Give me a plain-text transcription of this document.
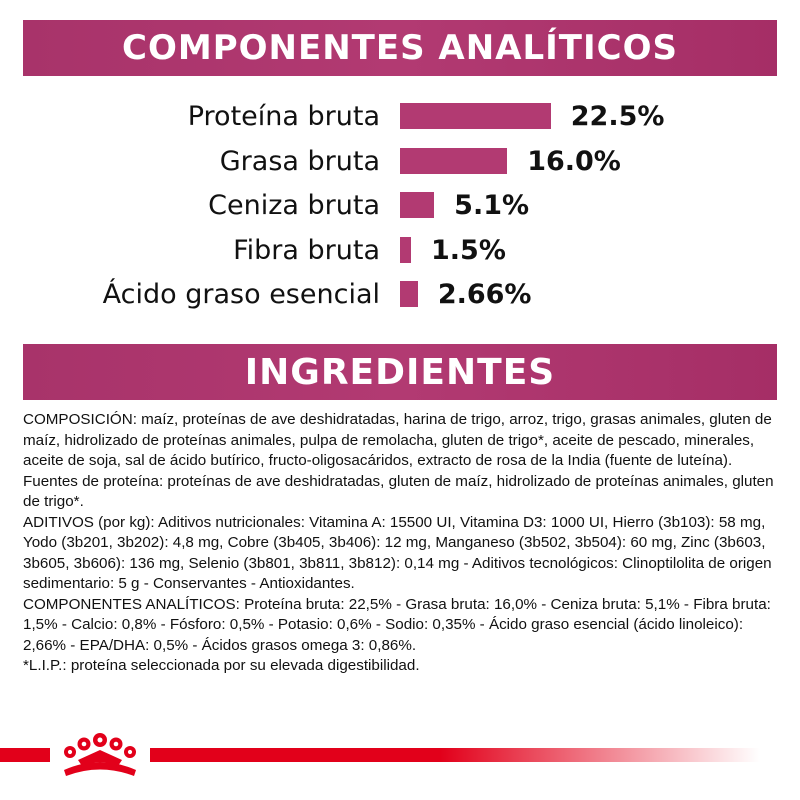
COMPONENTES ANALÍTICOS
Proteína bruta	22.5%
Grasa bruta	16.0%
Ceniza bruta	5.1%
Fibra bruta 1.5%
Ácido graso esencial 2.66%
INGREDIENTES

COMPOSICIÓN: maíz, proteínas de ave deshidratadas, harina de trigo, arroz, trigo, grasas animales, gluten de maíz, hidrolizado de proteínas animales, pulpa de remolacha, gluten de trigo*, aceite de pescado, minerales, aceite de soja, sal de ácido butírico, fructo-oligosacáridos, extracto de rosa de la India (fuente de luteína). Fuentes de proteína: proteínas de ave deshidratadas, gluten de maíz, hidrolizado de proteínas animales, gluten de trigo*.

ADITIVOS (por kg): Aditivos nutricionales: Vitamina A: 15500 UI, Vitamina D3: 1000 UI, Hierro (3b103): 58 mg, Yodo (3b201, 3b202): 4,8 mg, Cobre (3b405, 3b406): 12 mg, Manganeso (3b502, 3b504): 60 mg, Zinc (3b603, 3b605, 3b606): 136 mg, Selenio (3b801, 3b811, 3b812): 0,14 mg - Aditivos tecnológicos: Clinoptilolita de origen sedimentario: 5 g - Conservantes - Antioxidantes.

COMPONENTES ANALÍTICOS: Proteína bruta: 22,5% - Grasa bruta: 16,0% - Ceniza bruta: 5,1% - Fibra bruta: 1,5% - Calcio: 0,8% - Fósforo: 0,5% - Potasio: 0,6% - Sodio: 0,35% - Ácido graso esencial (ácido linoleico): 2,66% - EPA/DHA: 0,5% - Ácidos grasos omega 3: 0,86%.

*L.I.P.: proteína seleccionada por su elevada digestibilidad.
